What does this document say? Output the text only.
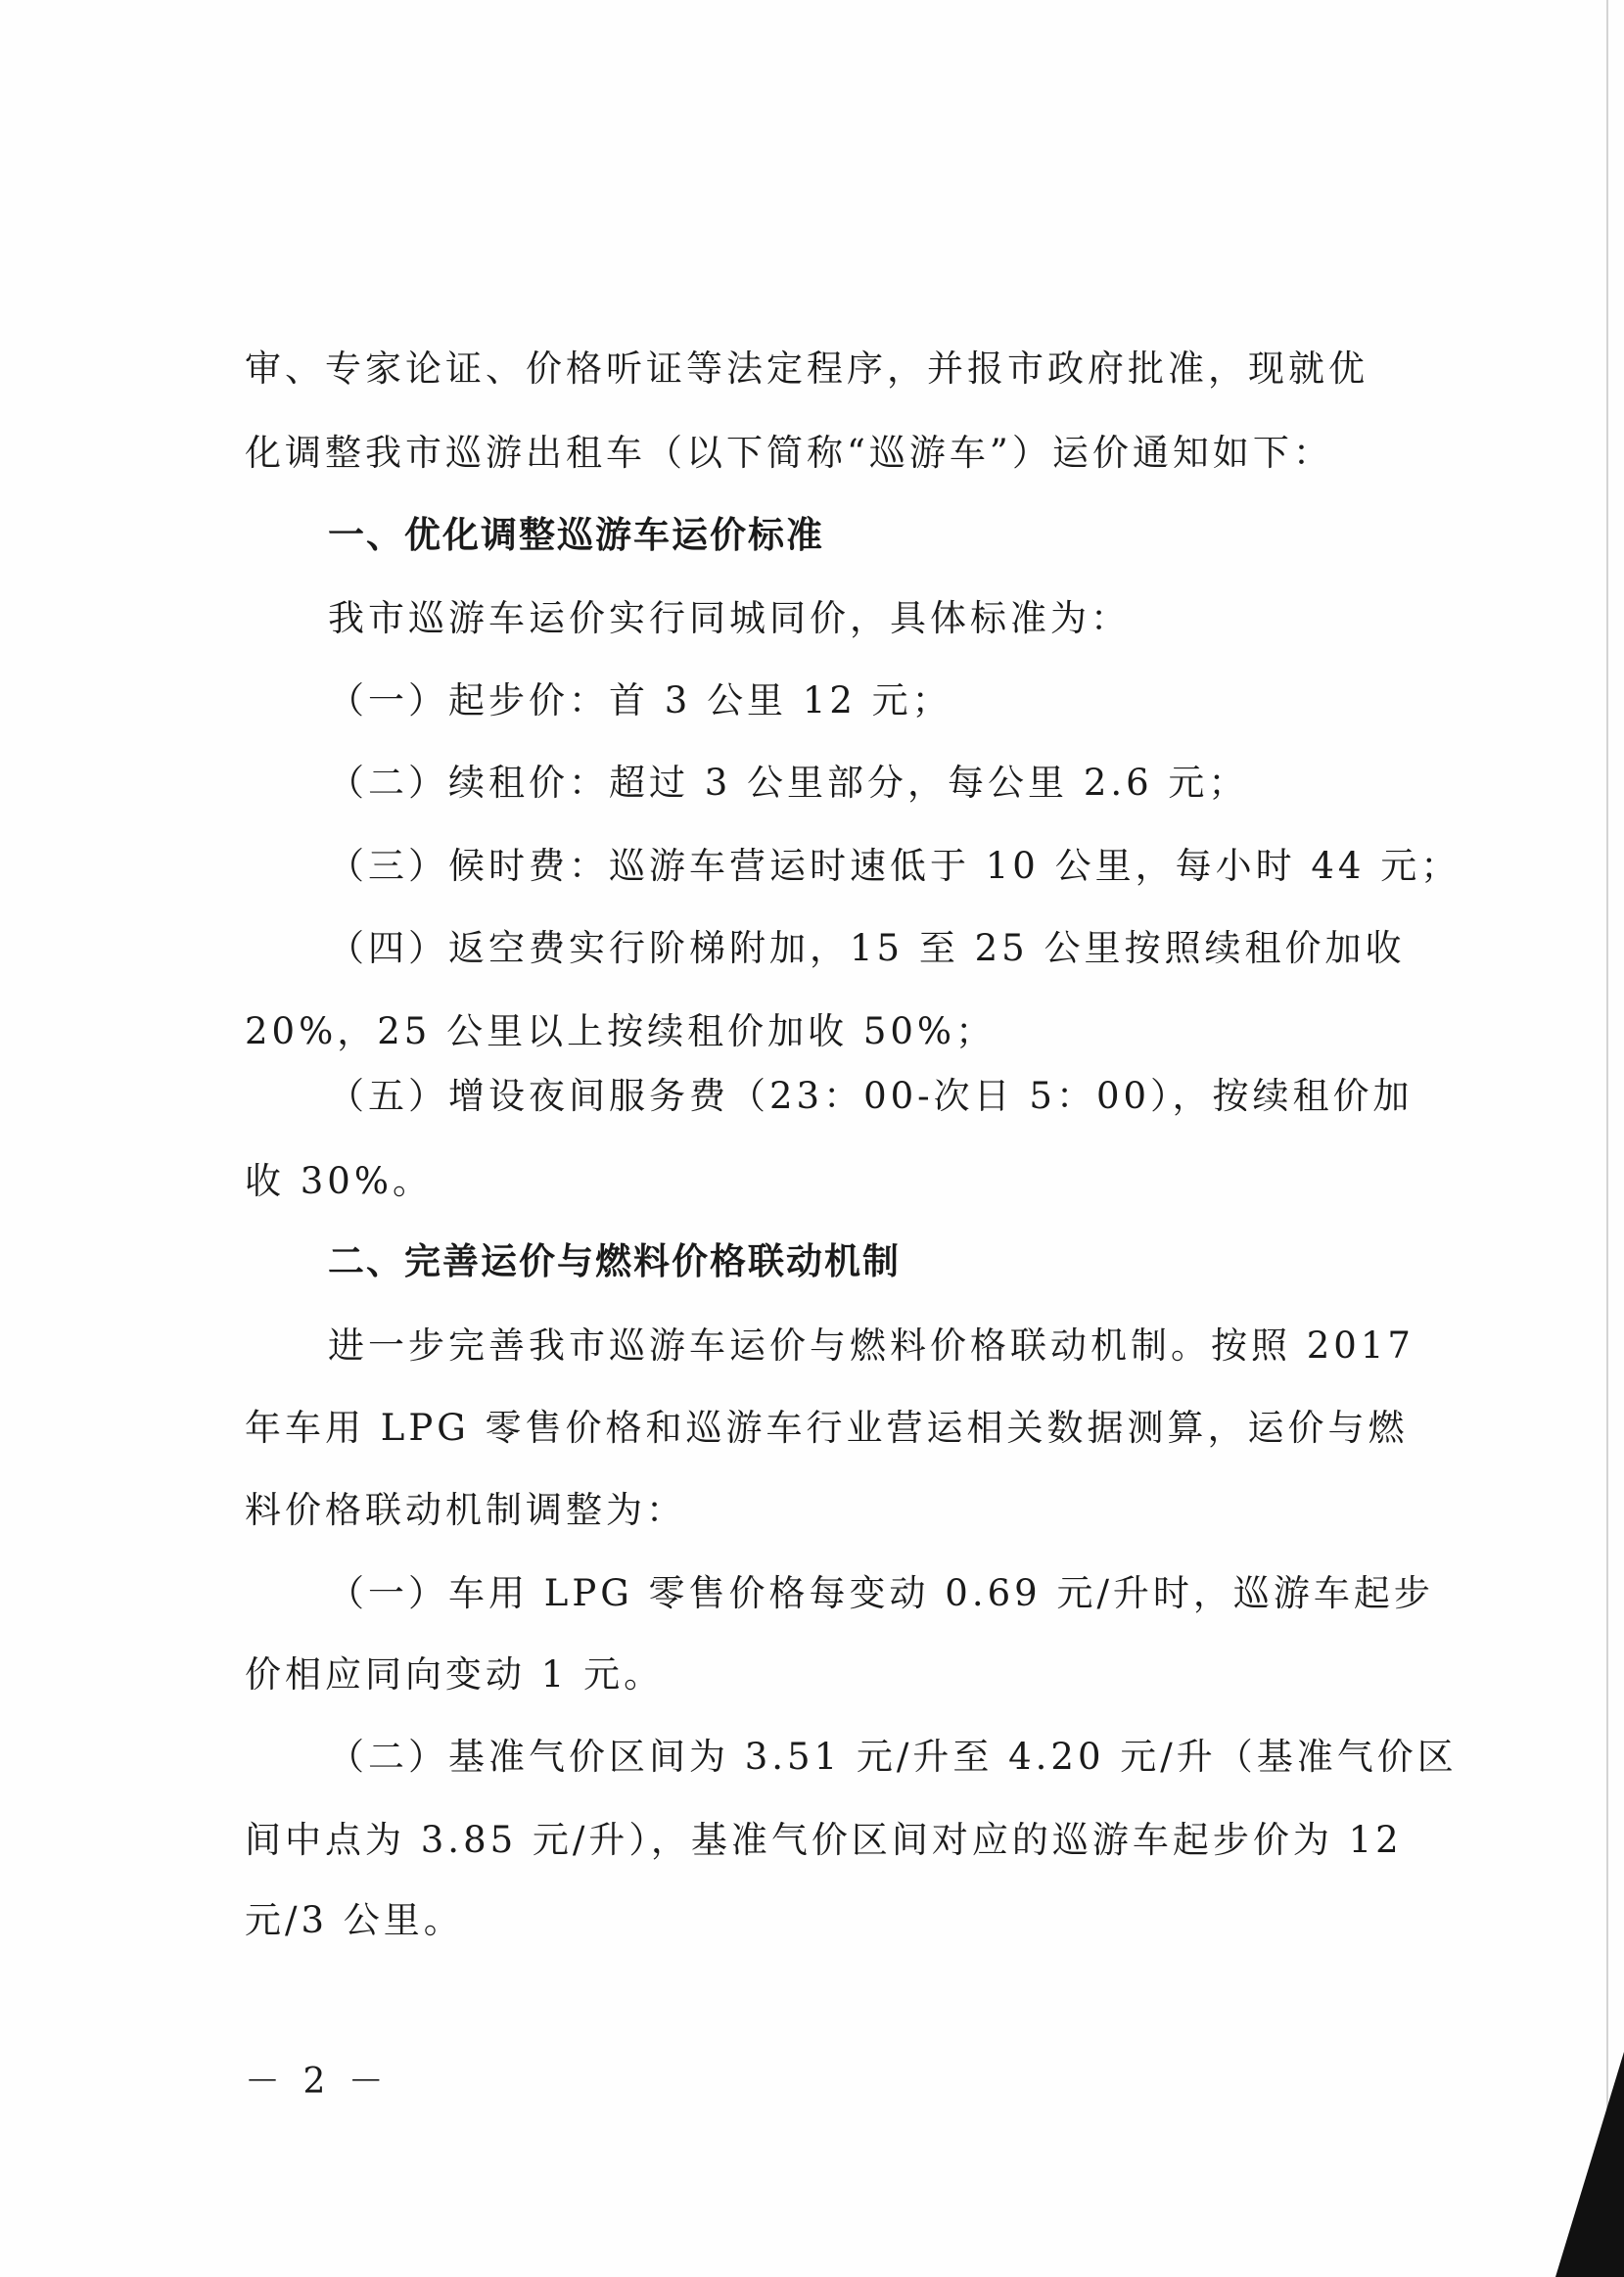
审、专家论证、价格听证等法定程序，并报市政府批准，现就优
化调整我市巡游出租车（以下简称“巡游车”）运价通知如下：
一、优化调整巡游车运价标准
我市巡游车运价实行同城同价，具体标准为：
（一）起步价：首 3 公里 12 元；
（二）续租价：超过 3 公里部分，每公里 2.6 元；
（三）候时费：巡游车营运时速低于 10 公里，每小时 44 元；
（四）返空费实行阶梯附加，15 至 25 公里按照续租价加收
20%，25 公里以上按续租价加收 50%；
（五）增设夜间服务费（23：00-次日 5：00），按续租价加
收 30%。
二、完善运价与燃料价格联动机制
进一步完善我市巡游车运价与燃料价格联动机制。按照 2017
年车用 LPG 零售价格和巡游车行业营运相关数据测算，运价与燃
料价格联动机制调整为：
（一）车用 LPG 零售价格每变动 0.69 元/升时，巡游车起步
价相应同向变动 1 元。
（二）基准气价区间为 3.51 元/升至 4.20 元/升（基准气价区
间中点为 3.85 元/升），基准气价区间对应的巡游车起步价为 12
元/3 公里。
－ 2 －
